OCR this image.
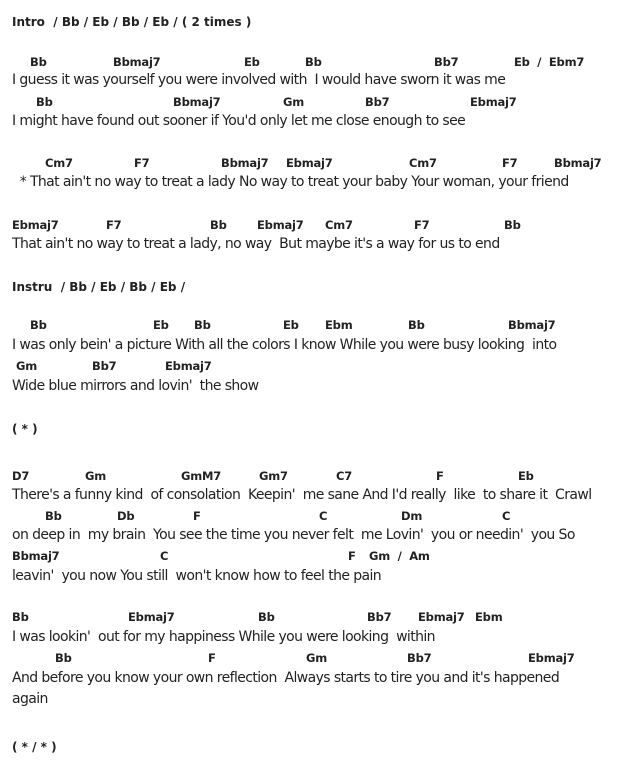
Intro  / Bb / Eb / Bb / Eb / ( 2 times )
Bb	Bbmaj7	Eb	Bb	Bb7	Eb  /  Ebm7
I guess it was yourself you were involved with  I would have sworn it was me
Bb	Bbmaj7	Gm	Bb7	Ebmaj7
I might have found out sooner if You'd only let me close enough to see
Cm7	F7	Bbmaj7 Ebmaj7	Cm7	F7	Bbmaj7
* That ain't no way to treat a lady No way to treat your baby Your woman, your friend
Ebmaj7	F7	Bb	Ebmaj7 Cm7	F7	Bb
That ain't no way to treat a lady, no way  But maybe it's a way for us to end
Instru  / Bb / Eb / Bb / Eb /
Bb	Eb Bb	Eb Ebm	Bb	Bbmaj7
I was only bein' a picture With all the colors I know While you were busy looking  into
Gm	Bb7	Ebmaj7
Wide blue mirrors and lovin'  the show
( * )
D7	Gm	GmM7	Gm7	C7	F	Eb
There's a funny kind  of consolation  Keepin'  me sane And I'd really  like  to share it  Crawl
Bb	Db	F	C	Dm	C
on deep in  my brain  You see the time you never felt  me Lovin'  you or needin'  you So
Bbmaj7	C	F Gm  /  Am
leavin'  you now You still  won't know how to feel the pain
Bb	Ebmaj7	Bb	Bb7 Ebmaj7 Ebm
I was lookin'  out for my happiness While you were looking  within
Bb	F	Gm	Bb7	Ebmaj7
And before you know your own reflection  Always starts to tire you and it's happened
again
( * / * )
